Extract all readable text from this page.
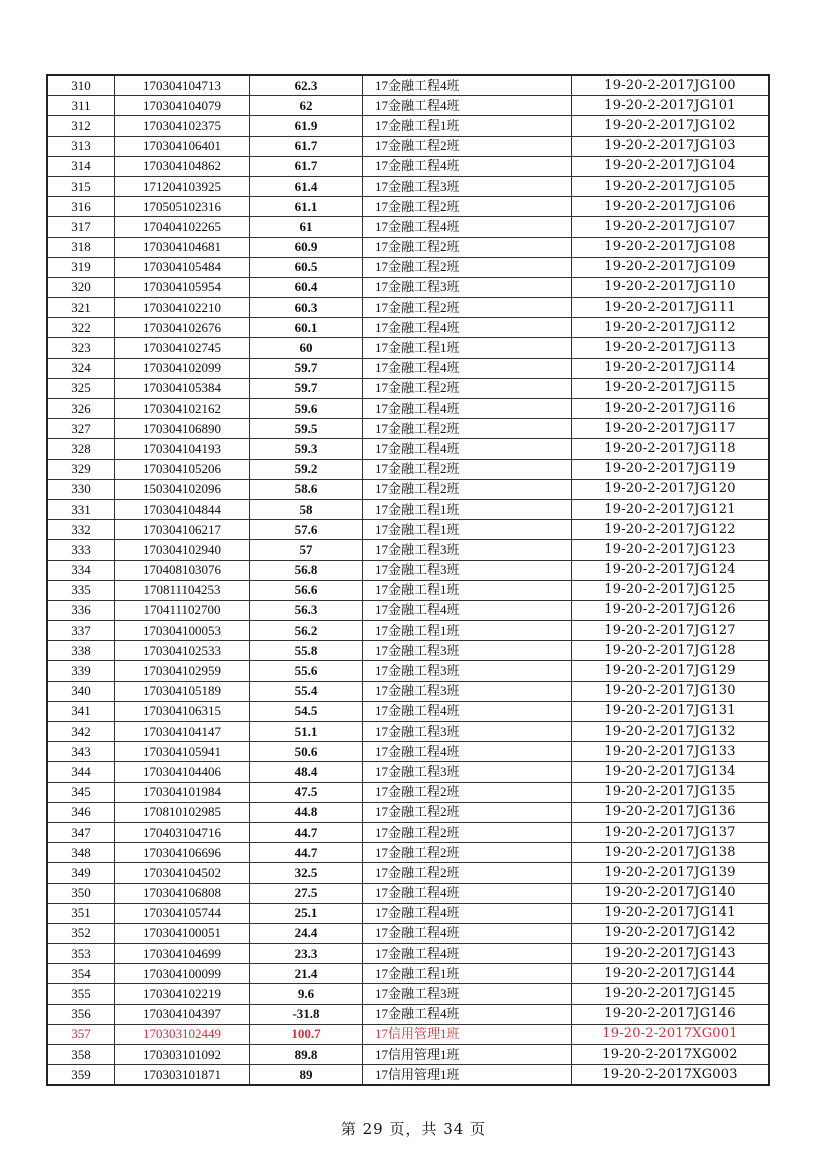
310	170304104713	62.3	17金融工程4班	19-20-2-2017JG100
311	170304104079	62	17金融工程4班	19-20-2-2017JG101
312	170304102375	61.9	17金融工程1班	19-20-2-2017JG102
313	170304106401	61.7	17金融工程2班	19-20-2-2017JG103
314	170304104862	61.7	17金融工程4班	19-20-2-2017JG104
315	171204103925	61.4	17金融工程3班	19-20-2-2017JG105
316	170505102316	61.1	17金融工程2班	19-20-2-2017JG106
317	170404102265	61	17金融工程4班	19-20-2-2017JG107
318	170304104681	60.9	17金融工程2班	19-20-2-2017JG108
319	170304105484	60.5	17金融工程2班	19-20-2-2017JG109
320	170304105954	60.4	17金融工程3班	19-20-2-2017JG110
321	170304102210	60.3	17金融工程2班	19-20-2-2017JG111
322	170304102676	60.1	17金融工程4班	19-20-2-2017JG112
323	170304102745	60	17金融工程1班	19-20-2-2017JG113
324	170304102099	59.7	17金融工程4班	19-20-2-2017JG114
325	170304105384	59.7	17金融工程2班	19-20-2-2017JG115
326	170304102162	59.6	17金融工程4班	19-20-2-2017JG116
327	170304106890	59.5	17金融工程2班	19-20-2-2017JG117
328	170304104193	59.3	17金融工程4班	19-20-2-2017JG118
329	170304105206	59.2	17金融工程2班	19-20-2-2017JG119
330	150304102096	58.6	17金融工程2班	19-20-2-2017JG120
331	170304104844	58	17金融工程1班	19-20-2-2017JG121
332	170304106217	57.6	17金融工程1班	19-20-2-2017JG122
333	170304102940	57	17金融工程3班	19-20-2-2017JG123
334	170408103076	56.8	17金融工程3班	19-20-2-2017JG124
335	170811104253	56.6	17金融工程1班	19-20-2-2017JG125
336	170411102700	56.3	17金融工程4班	19-20-2-2017JG126
337	170304100053	56.2	17金融工程1班	19-20-2-2017JG127
338	170304102533	55.8	17金融工程3班	19-20-2-2017JG128
339	170304102959	55.6	17金融工程3班	19-20-2-2017JG129
340	170304105189	55.4	17金融工程3班	19-20-2-2017JG130
341	170304106315	54.5	17金融工程4班	19-20-2-2017JG131
342	170304104147	51.1	17金融工程3班	19-20-2-2017JG132
343	170304105941	50.6	17金融工程4班	19-20-2-2017JG133
344	170304104406	48.4	17金融工程3班	19-20-2-2017JG134
345	170304101984	47.5	17金融工程2班	19-20-2-2017JG135
346	170810102985	44.8	17金融工程2班	19-20-2-2017JG136
347	170403104716	44.7	17金融工程2班	19-20-2-2017JG137
348	170304106696	44.7	17金融工程2班	19-20-2-2017JG138
349	170304104502	32.5	17金融工程2班	19-20-2-2017JG139
350	170304106808	27.5	17金融工程4班	19-20-2-2017JG140
351	170304105744	25.1	17金融工程4班	19-20-2-2017JG141
352	170304100051	24.4	17金融工程4班	19-20-2-2017JG142
353	170304104699	23.3	17金融工程4班	19-20-2-2017JG143
354	170304100099	21.4	17金融工程1班	19-20-2-2017JG144
355	170304102219	9.6	17金融工程3班	19-20-2-2017JG145
356	170304104397	-31.8	17金融工程4班	19-20-2-2017JG146
357	170303102449	100.7	17信用管理1班	19-20-2-2017XG001
358	170303101092	89.8	17信用管理1班	19-20-2-2017XG002
359	170303101871	89	17信用管理1班	19-20-2-2017XG003
第 29 页，共 34 页
